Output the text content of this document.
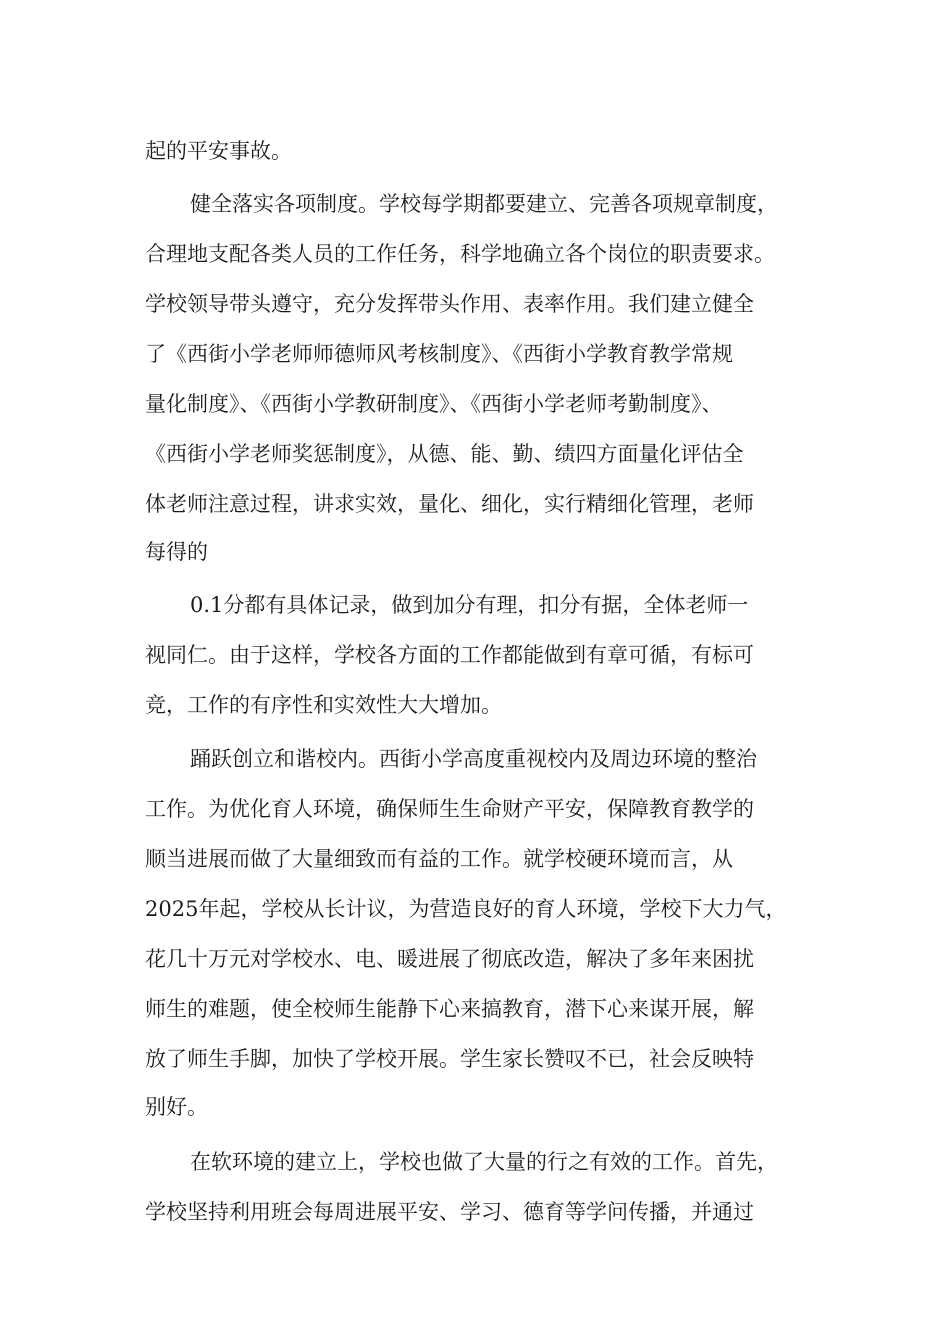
起的平安事故。

健全落实各项制度。学校每学期都要建立、完善各项规章制度，

合理地支配各类人员的工作任务，科学地确立各个岗位的职责要求。

学校领导带头遵守，充分发挥带头作用、表率作用。我们建立健全

了《西街小学老师师德师风考核制度》、《西街小学教育教学常规

量化制度》、《西街小学教研制度》、《西街小学老师考勤制度》、

《西街小学老师奖惩制度》，从德、能、勤、绩四方面量化评估全

体老师注意过程，讲求实效，量化、细化，实行精细化管理，老师

每得的

0.1分都有具体记录，做到加分有理，扣分有据，全体老师一

视同仁。由于这样，学校各方面的工作都能做到有章可循，有标可

竞，工作的有序性和实效性大大增加。

踊跃创立和谐校内。西街小学高度重视校内及周边环境的整治

工作。为优化育人环境，确保师生生命财产平安，保障教育教学的

顺当进展而做了大量细致而有益的工作。就学校硬环境而言，从

2025年起，学校从长计议，为营造良好的育人环境，学校下大力气，

花几十万元对学校水、电、暖进展了彻底改造，解决了多年来困扰

师生的难题，使全校师生能静下心来搞教育，潜下心来谋开展，解

放了师生手脚，加快了学校开展。学生家长赞叹不已，社会反映特

别好。

在软环境的建立上，学校也做了大量的行之有效的工作。首先，

学校坚持利用班会每周进展平安、学习、德育等学问传播，并通过
